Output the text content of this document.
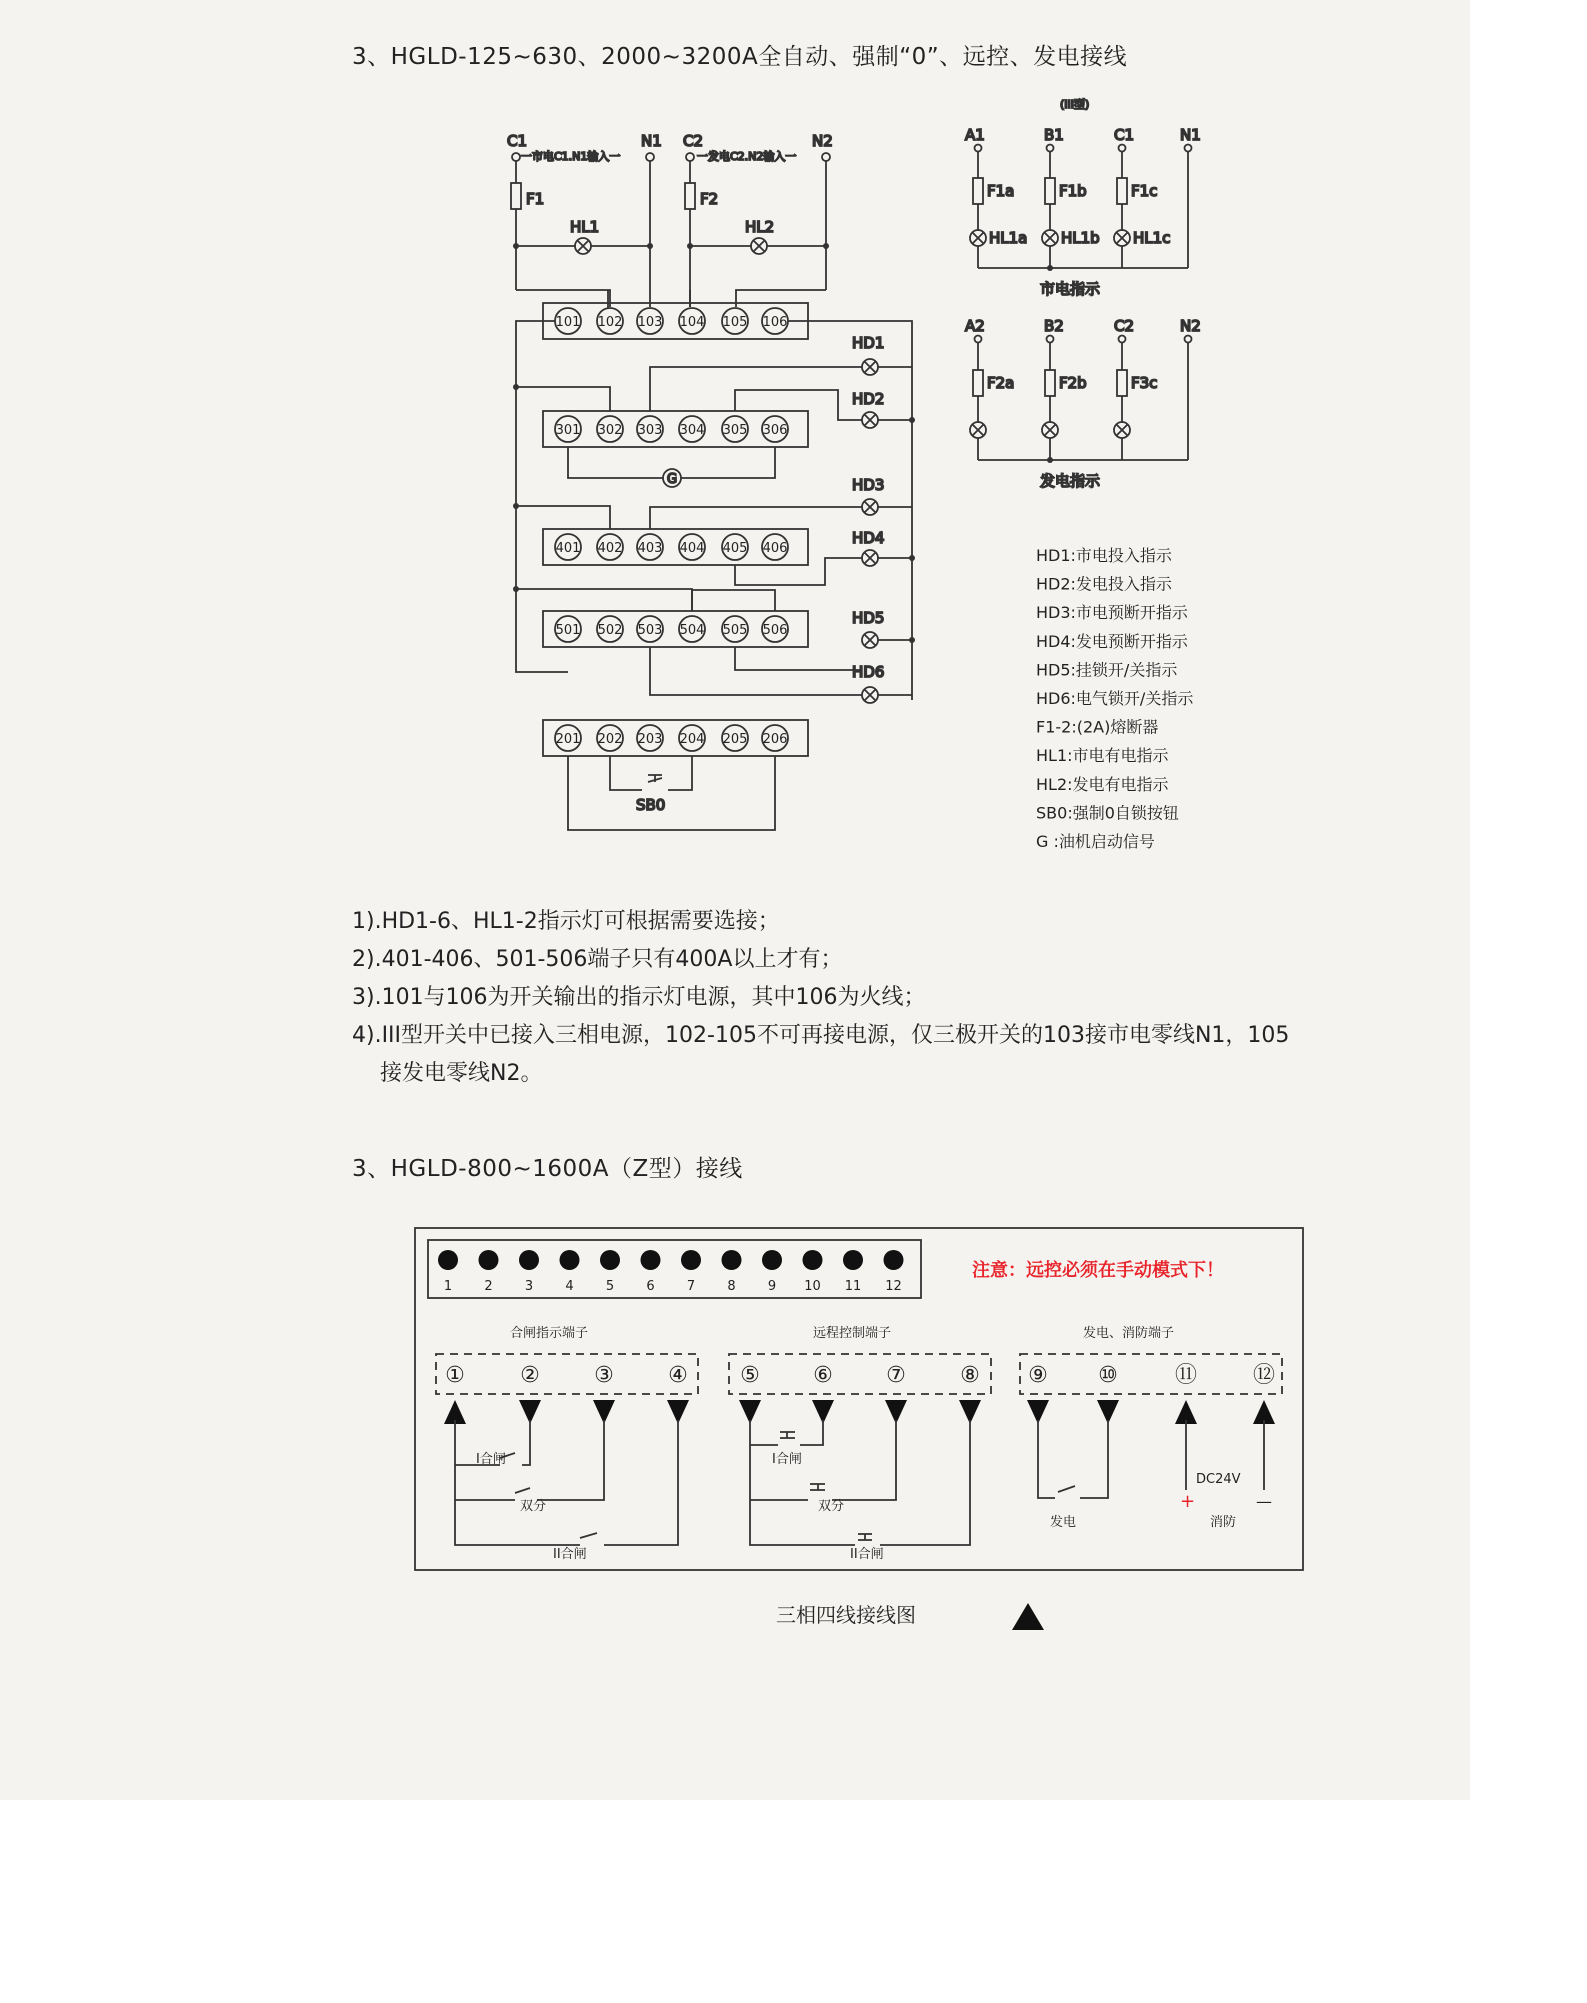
3、HGLD-125~630、2000~3200A全自动、强制“0”、远控、发电接线
C1	N1 C2	N2
一市电C1.N1输入一	一发电C2.N2输入一
F1	F2
HL1	HL2
G
HD1
HD2
HD3
HD4
HD5
HD6
SB0
101 102 103 104 105 106
301 302 303 304 305 306
401 402 403 404 405 406
501 502 503 504 505 506
201 202 203 204 205 206
(III型)
A1	B1	C1	N1
F1a	F1b	F1c
HL1a HL1b HL1c
市电指示
A2	B2	C2	N2
F2a	F2b	F3c
发电指示
HD1:市电投入指示
HD2:发电投入指示
HD3:市电预断开指示
HD4:发电预断开指示
HD5:挂锁开/关指示
HD6:电气锁开/关指示
F1-2:(2A)熔断器
HL1:市电有电指示
HL2:发电有电指示
SB0:强制0自锁按钮
G :油机启动信号
1).HD1-6、HL1-2指示灯可根据需要选接；
2).401-406、501-506端子只有400A以上才有；
3).101与106为开关输出的指示灯电源，其中106为火线；
4).III型开关中已接入三相电源，102-105不可再接电源，仅三极开关的103接市电零线N1，105
接发电零线N2。
3、HGLD-800~1600A（Z型）接线
1 2 3 4 5 6 7 8 9 10 11 12
注意：远控必须在手动模式下！
合闸指示端子	远程控制端子	发电、消防端子
①	② ③ ④ ⑤ ⑥ ⑦ ⑧ ⑨ ⑩	⑪	⑫
I合闸
双分
II合闸
I合闸
双分
II合闸
发电
DC24V
+	—
消防
三相四线接线图
